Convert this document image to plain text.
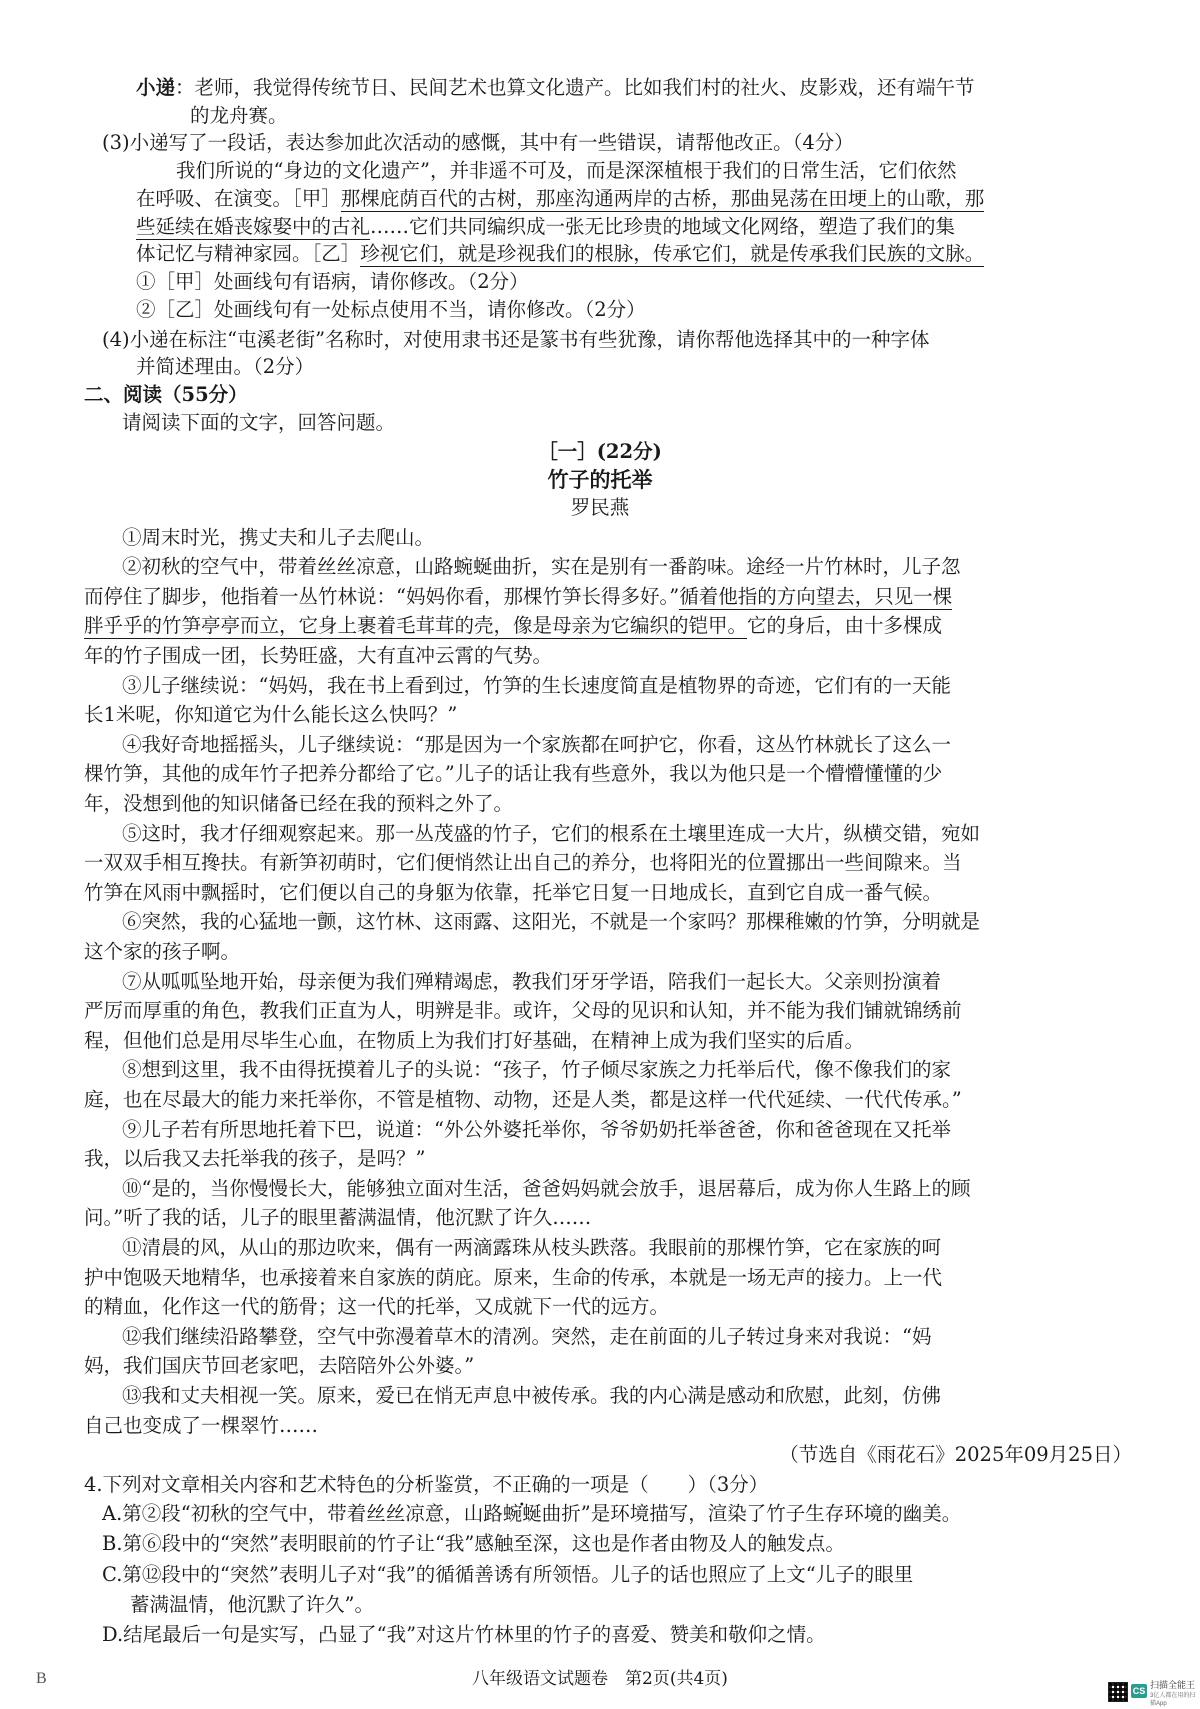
小递：老师，我觉得传统节日、民间艺术也算文化遗产。比如我们村的社火、皮影戏，还有端午节
的龙舟赛。
(3)小递写了一段话，表达参加此次活动的感慨，其中有一些错误，请帮他改正。（4分）
我们所说的“身边的文化遗产”，并非遥不可及，而是深深植根于我们的日常生活，它们依然
在呼吸、在演变。［甲］那棵庇荫百代的古树，那座沟通两岸的古桥，那曲晃荡在田埂上的山歌，那
些延续在婚丧嫁娶中的古礼……它们共同编织成一张无比珍贵的地域文化网络，塑造了我们的集
体记忆与精神家园。［乙］珍视它们，就是珍视我们的根脉，传承它们，就是传承我们民族的文脉。
①［甲］处画线句有语病，请你修改。（2分）
②［乙］处画线句有一处标点使用不当，请你修改。（2分）
(4)小递在标注“屯溪老街”名称时，对使用隶书还是篆书有些犹豫，请你帮他选择其中的一种字体
并简述理由。（2分）
二、阅读（55分）
请阅读下面的文字，回答问题。
［一］(22分)
竹子的托举
罗民燕
①周末时光，携丈夫和儿子去爬山。
②初秋的空气中，带着丝丝凉意，山路蜿蜒曲折，实在是别有一番韵味。途经一片竹林时，儿子忽
而停住了脚步，他指着一丛竹林说：“妈妈你看，那棵竹笋长得多好。”循着他指的方向望去，只见一棵
胖乎乎的竹笋亭亭而立，它身上裹着毛茸茸的壳，像是母亲为它编织的铠甲。它的身后，由十多棵成
年的竹子围成一团，长势旺盛，大有直冲云霄的气势。
③儿子继续说：“妈妈，我在书上看到过，竹笋的生长速度简直是植物界的奇迹，它们有的一天能
长1米呢，你知道它为什么能长这么快吗？”
④我好奇地摇摇头，儿子继续说：“那是因为一个家族都在呵护它，你看，这丛竹林就长了这么一
棵竹笋，其他的成年竹子把养分都给了它。”儿子的话让我有些意外，我以为他只是一个懵懵懂懂的少
年，没想到他的知识储备已经在我的预料之外了。
⑤这时，我才仔细观察起来。那一丛茂盛的竹子，它们的根系在土壤里连成一大片，纵横交错，宛如
一双双手相互搀扶。有新笋初萌时，它们便悄然让出自己的养分，也将阳光的位置挪出一些间隙来。当
竹笋在风雨中飘摇时，它们便以自己的身躯为依靠，托举它日复一日地成长，直到它自成一番气候。
⑥突然，我的心猛地一颤，这竹林、这雨露、这阳光，不就是一个家吗？那棵稚嫩的竹笋，分明就是
这个家的孩子啊。
⑦从呱呱坠地开始，母亲便为我们殚精竭虑，教我们牙牙学语，陪我们一起长大。父亲则扮演着
严厉而厚重的角色，教我们正直为人，明辨是非。或许，父母的见识和认知，并不能为我们铺就锦绣前
程，但他们总是用尽毕生心血，在物质上为我们打好基础，在精神上成为我们坚实的后盾。
⑧想到这里，我不由得抚摸着儿子的头说：“孩子，竹子倾尽家族之力托举后代，像不像我们的家
庭，也在尽最大的能力来托举你，不管是植物、动物，还是人类，都是这样一代代延续、一代代传承。”
⑨儿子若有所思地托着下巴，说道：“外公外婆托举你，爷爷奶奶托举爸爸，你和爸爸现在又托举
我，以后我又去托举我的孩子，是吗？”
⑩“是的，当你慢慢长大，能够独立面对生活，爸爸妈妈就会放手，退居幕后，成为你人生路上的顾
问。”听了我的话，儿子的眼里蓄满温情，他沉默了许久……
⑪清晨的风，从山的那边吹来，偶有一两滴露珠从枝头跌落。我眼前的那棵竹笋，它在家族的呵
护中饱吸天地精华，也承接着来自家族的荫庇。原来，生命的传承，本就是一场无声的接力。上一代
的精血，化作这一代的筋骨；这一代的托举，又成就下一代的远方。
⑫我们继续沿路攀登，空气中弥漫着草木的清冽。突然，走在前面的儿子转过身来对我说：“妈
妈，我们国庆节回老家吧，去陪陪外公外婆。”
⑬我和丈夫相视一笑。原来，爱已在悄无声息中被传承。我的内心满是感动和欣慰，此刻，仿佛
自己也变成了一棵翠竹……
（节选自《雨花石》2025年09月25日）
4.下列对文章相关内容和艺术特色的分析鉴赏，不正确的一项是（　　）（3分）
A.第②段“初秋的空气中，带着丝丝凉意，山路蜿蜒曲折”是环境描写，渲染了竹子生存环境的幽美。
B.第⑥段中的“突然”表明眼前的竹子让“我”感触至深，这也是作者由物及人的触发点。
C.第⑫段中的“突然”表明儿子对“我”的循循善诱有所领悟。儿子的话也照应了上文“儿子的眼里
蓄满温情，他沉默了许久”。
D.结尾最后一句是实写，凸显了“我”对这片竹林里的竹子的喜爱、赞美和敬仰之情。
B	八年级语文试题卷　第2页(共4页)
CS
扫描全能王
3亿人都在用的扫描App
